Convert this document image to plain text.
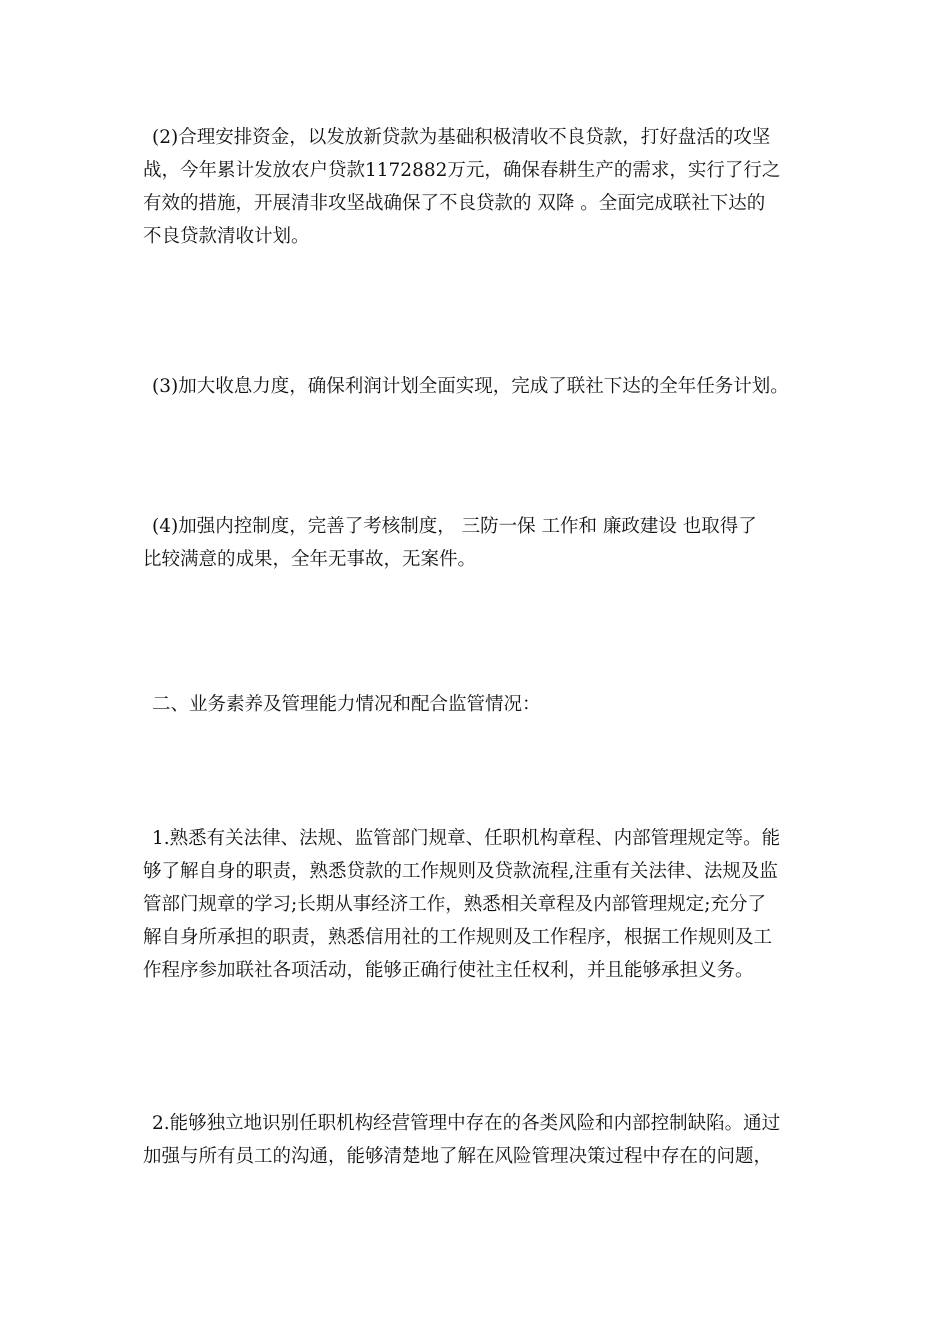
(2)合理安排资金，以发放新贷款为基础积极清收不良贷款，打好盘活的攻坚
战，今年累计发放农户贷款1172882万元，确保春耕生产的需求，实行了行之
有效的措施，开展清非攻坚战确保了不良贷款的 双降 。全面完成联社下达的
不良贷款清收计划。

(3)加大收息力度，确保利润计划全面实现，完成了联社下达的全年任务计划。

(4)加强内控制度，完善了考核制度， 三防一保 工作和 廉政建设 也取得了
比较满意的成果，全年无事故，无案件。

二、业务素养及管理能力情况和配合监管情况：

1.熟悉有关法律、法规、监管部门规章、任职机构章程、内部管理规定等。能
够了解自身的职责，熟悉贷款的工作规则及贷款流程,注重有关法律、法规及监
管部门规章的学习;长期从事经济工作，熟悉相关章程及内部管理规定;充分了
解自身所承担的职责，熟悉信用社的工作规则及工作程序，根据工作规则及工
作程序参加联社各项活动，能够正确行使社主任权利，并且能够承担义务。

2.能够独立地识别任职机构经营管理中存在的各类风险和内部控制缺陷。通过
加强与所有员工的沟通，能够清楚地了解在风险管理决策过程中存在的问题，
